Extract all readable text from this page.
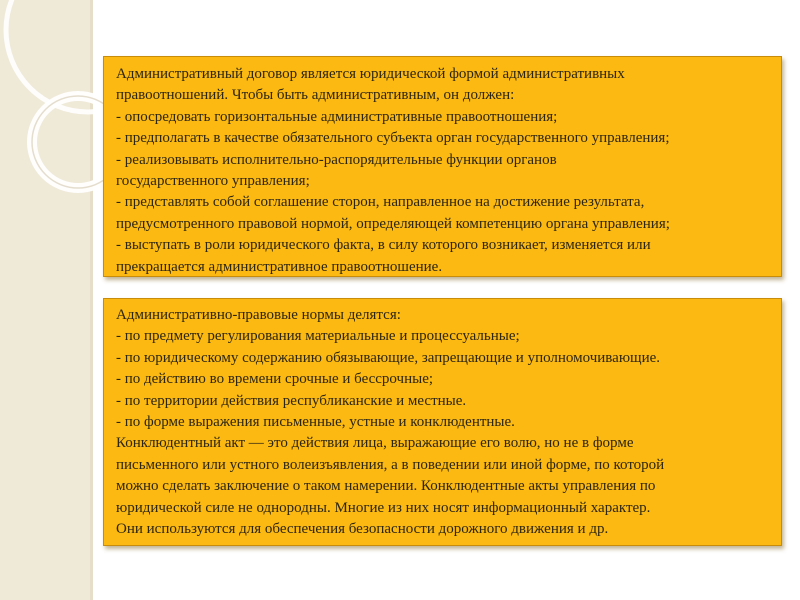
Административный договор является юридической формой административных
правоотношений. Чтобы быть административным, он должен:
- опосредовать горизонтальные административные правоотношения;
- предполагать в качестве обязательного субъекта орган государственного управления;
- реализовывать исполнительно-распорядительные функции органов
государственного управления;
- представлять собой соглашение сторон, направленное на достижение результата,
предусмотренного правовой нормой, определяющей компетенцию органа управления;
- выступать в роли юридического факта, в силу которого возникает, изменяется или
прекращается административное правоотношение.
Административно-правовые нормы делятся:
- по предмету регулирования материальные и процессуальные;
- по юридическому содержанию обязывающие, запрещающие и уполномочивающие.
- по действию во времени срочные и бессрочные;
- по территории действия республиканские и местные.
- по форме выражения письменные, устные и конклюдентные.
Конклюдентный акт — это действия лица, выражающие его волю, но не в форме
письменного или устного волеизъявления, а в поведении или иной форме, по которой
можно сделать заключение о таком намерении. Конклюдентные акты управления по
юридической силе не однородны. Многие из них носят информационный характер.
Они используются для обеспечения безопасности дорожного движения и др.
